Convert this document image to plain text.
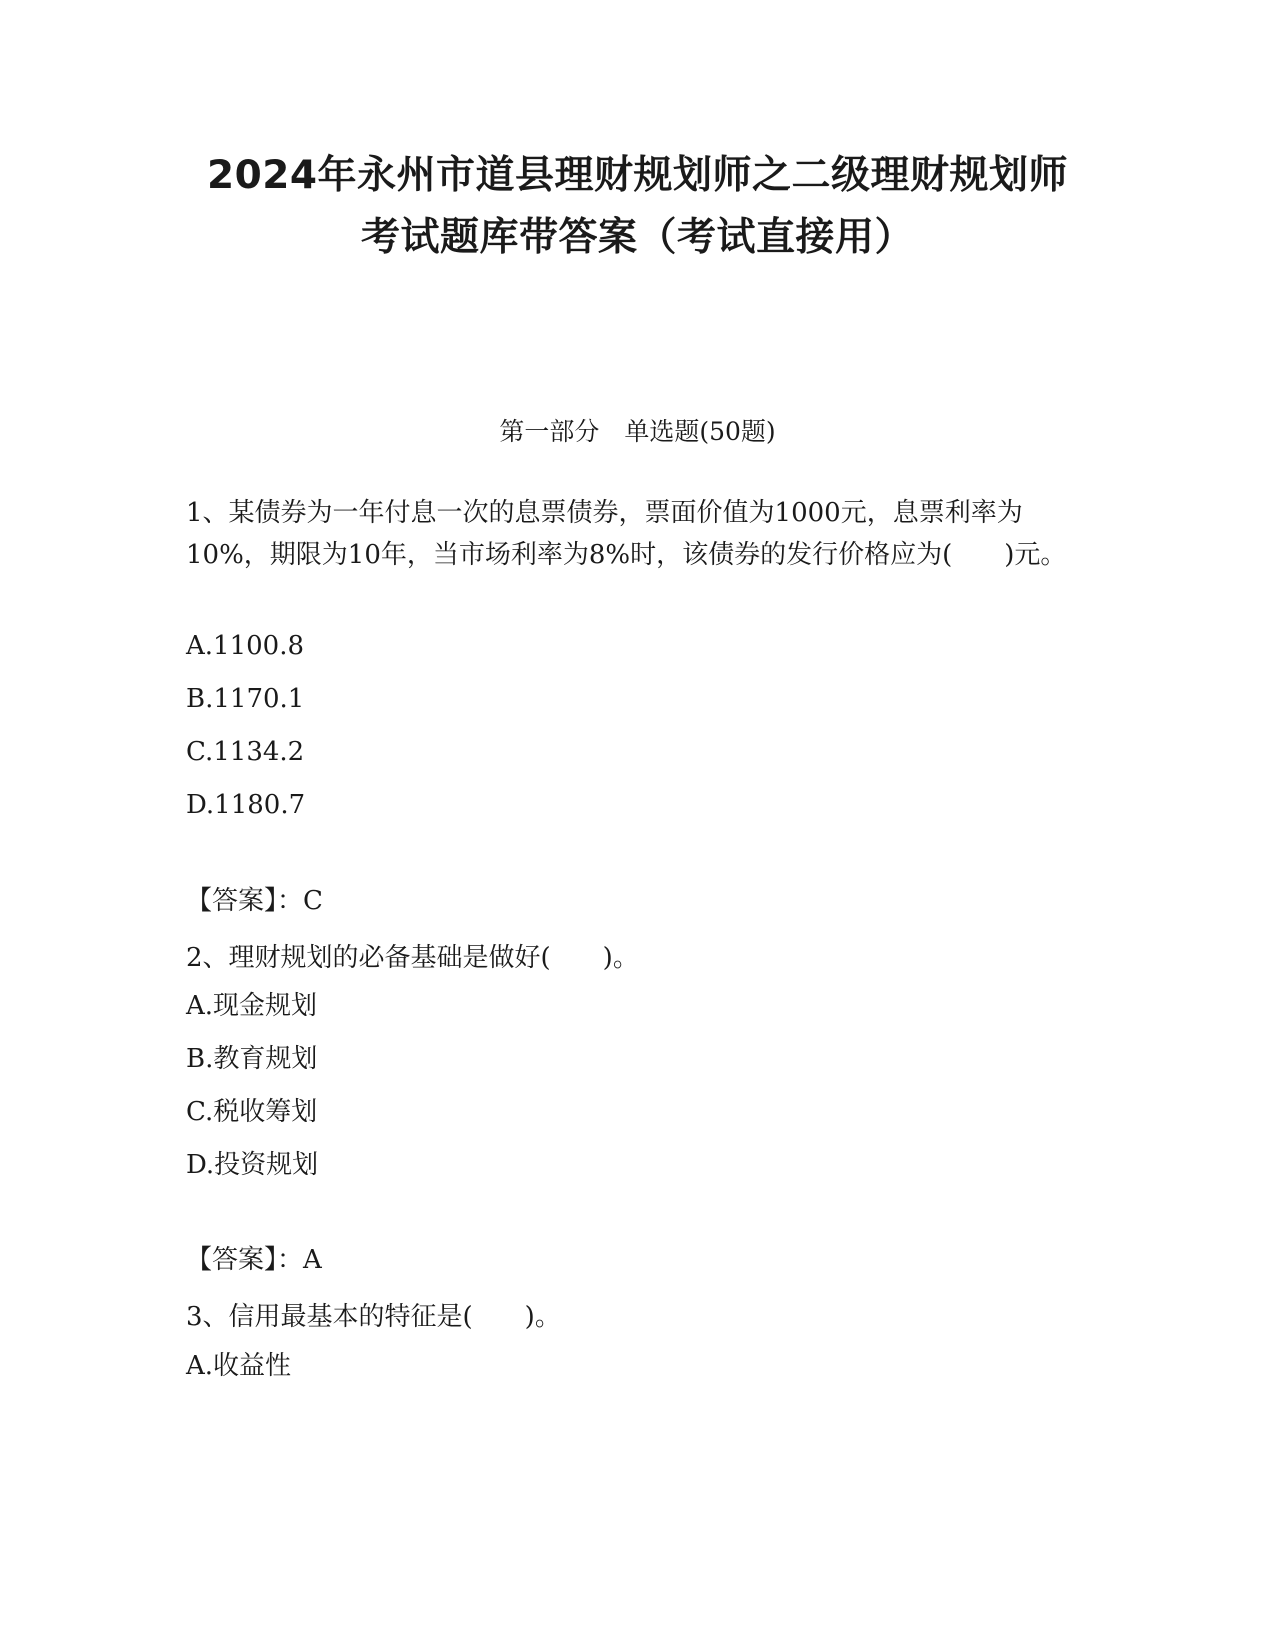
2024年永州市道县理财规划师之二级理财规划师
考试题库带答案（考试直接用）
第一部分　单选题(50题)
1、某债券为一年付息一次的息票债券，票面价值为1000元，息票利率为10%，期限为10年，当市场利率为8%时，该债券的发行价格应为(　　)元。
A.1100.8
B.1170.1
C.1134.2
D.1180.7
【答案】：C
2、理财规划的必备基础是做好(　　)。
A.现金规划
B.教育规划
C.税收筹划
D.投资规划
【答案】：A
3、信用最基本的特征是(　　)。
A.收益性
